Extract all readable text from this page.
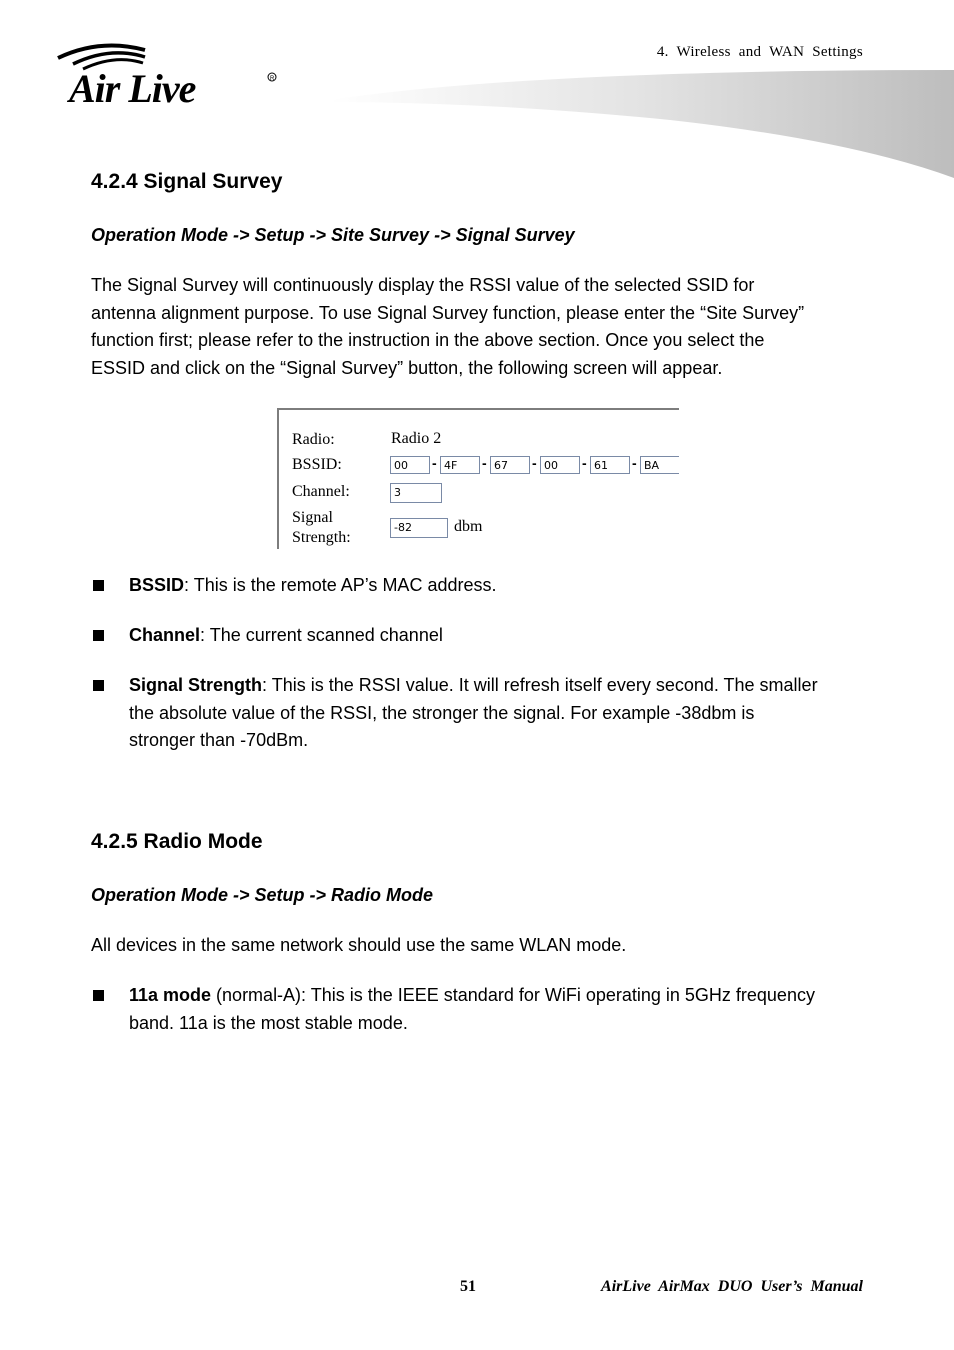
4. Wireless and WAN Settings
Air Live	R
4.2.4 Signal Survey
Operation Mode -> Setup -> Site Survey -> Signal Survey
The Signal Survey will continuously display the RSSI value of the selected SSID for
antenna alignment purpose. To use Signal Survey function, please enter the “Site Survey”
function first; please refer to the instruction in the above section. Once you select the
ESSID and click on the “Signal Survey” button, the following screen will appear.
Radio:	Radio 2
BSSID:	00	- 4F	- 67	- 00	- 61	- BA
Channel:	3
Signal
Strength:
-82	dbm
BSSID: This is the remote AP’s MAC address.
Channel: The current scanned channel
Signal Strength: This is the RSSI value. It will refresh itself every second. The smaller
the absolute value of the RSSI, the stronger the signal. For example -38dbm is
stronger than -70dBm.
4.2.5 Radio Mode
Operation Mode -> Setup -> Radio Mode
All devices in the same network should use the same WLAN mode.
11a mode (normal-A): This is the IEEE standard for WiFi operating in 5GHz frequency
band. 11a is the most stable mode.
51	AirLive AirMax DUO User’s Manual
